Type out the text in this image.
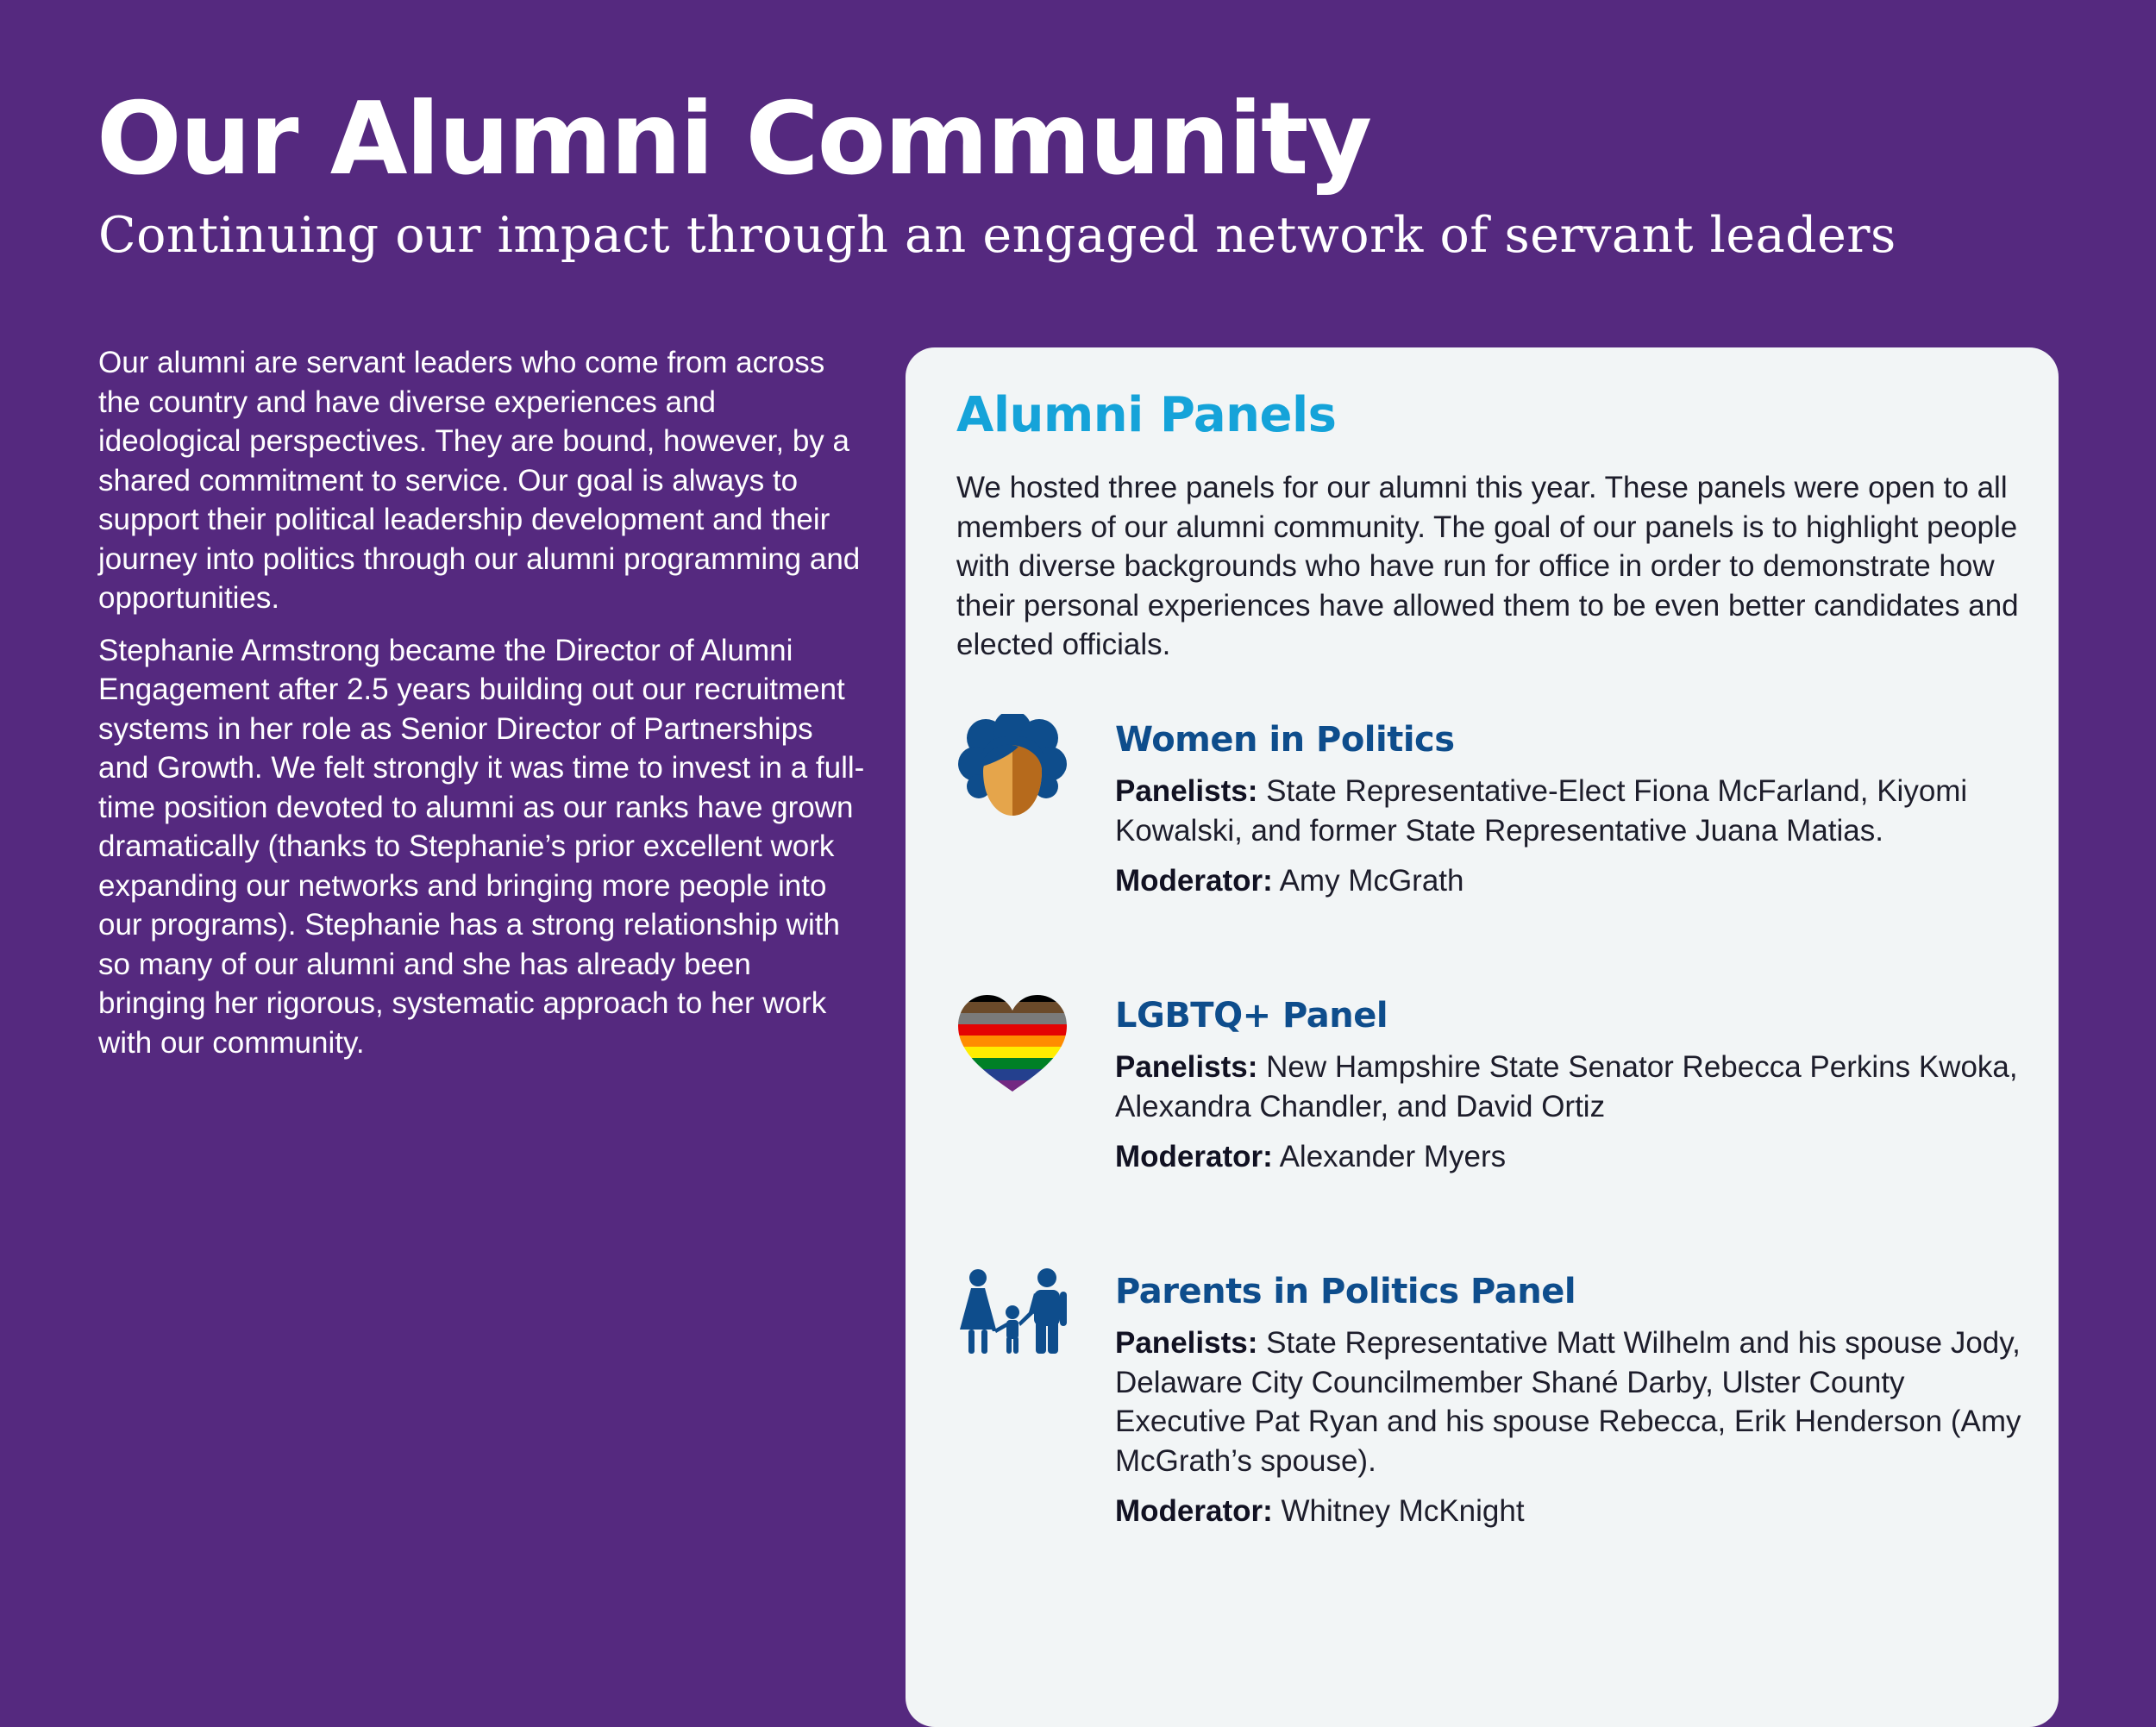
Our Alumni Community
Continuing our impact through an engaged network of servant leaders

Our alumni are servant leaders who come from across the country and have diverse experiences and ideological perspectives. They are bound, however, by a shared commitment to service. Our goal is always to support their political leadership development and their journey into politics through our alumni programming and opportunities.

Stephanie Armstrong became the Director of Alumni Engagement after 2.5 years building out our recruitment systems in her role as Senior Director of Partnerships and Growth. We felt strongly it was time to invest in a full-time position devoted to alumni as our ranks have grown dramatically (thanks to Stephanie’s prior excellent work expanding our networks and bringing more people into our programs). Stephanie has a strong relationship with so many of our alumni and she has already been bringing her rigorous, systematic approach to her work with our community.

Alumni Panels

We hosted three panels for our alumni this year. These panels were open to all members of our alumni community. The goal of our panels is to highlight people with diverse backgrounds who have run for office in order to demonstrate how their personal experiences have allowed them to be even better candidates and elected officials.

Women in Politics

Panelists: State Representative-Elect Fiona McFarland, Kiyomi Kowalski, and former State Representative Juana Matias.

Moderator: Amy McGrath

LGBTQ+ Panel

Panelists: New Hampshire State Senator Rebecca Perkins Kwoka, Alexandra Chandler, and David Ortiz

Moderator: Alexander Myers

Parents in Politics Panel

Panelists: State Representative Matt Wilhelm and his spouse Jody, Delaware City Councilmember Shané Darby, Ulster County Executive Pat Ryan and his spouse Rebecca, Erik Henderson (Amy McGrath’s spouse).

Moderator: Whitney McKnight
